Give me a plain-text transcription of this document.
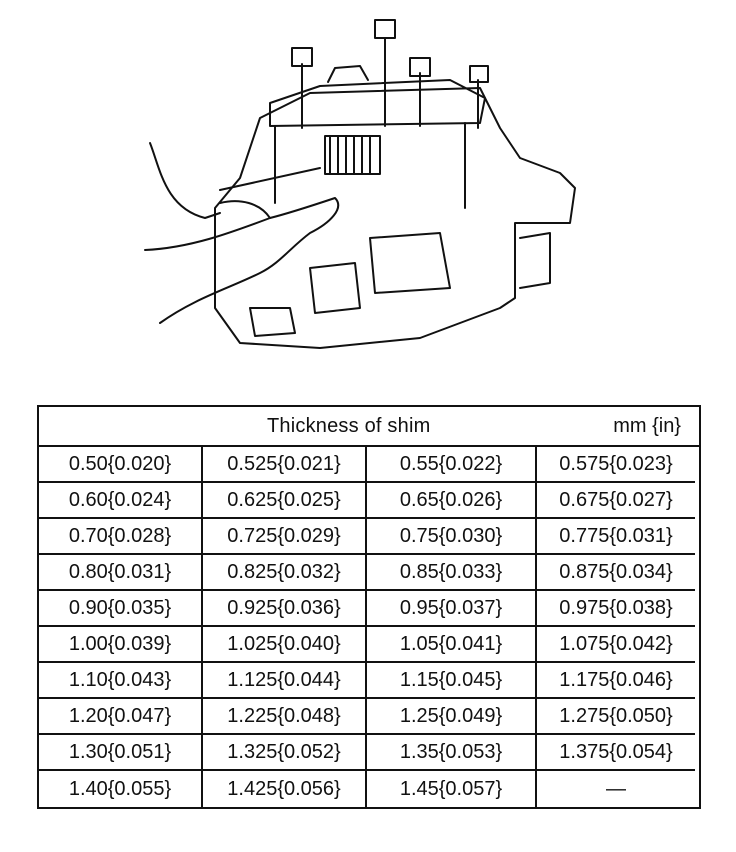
Thickness of shim	mm {in}
0.50{0.020}	0.525{0.021}	0.55{0.022}	0.575{0.023}
0.60{0.024}	0.625{0.025}	0.65{0.026}	0.675{0.027}
0.70{0.028}	0.725{0.029}	0.75{0.030}	0.775{0.031}
0.80{0.031}	0.825{0.032}	0.85{0.033}	0.875{0.034}
0.90{0.035}	0.925{0.036}	0.95{0.037}	0.975{0.038}
1.00{0.039}	1.025{0.040}	1.05{0.041}	1.075{0.042}
1.10{0.043}	1.125{0.044}	1.15{0.045}	1.175{0.046}
1.20{0.047}	1.225{0.048}	1.25{0.049}	1.275{0.050}
1.30{0.051}	1.325{0.052}	1.35{0.053}	1.375{0.054}
1.40{0.055}	1.425{0.056}	1.45{0.057}	—
